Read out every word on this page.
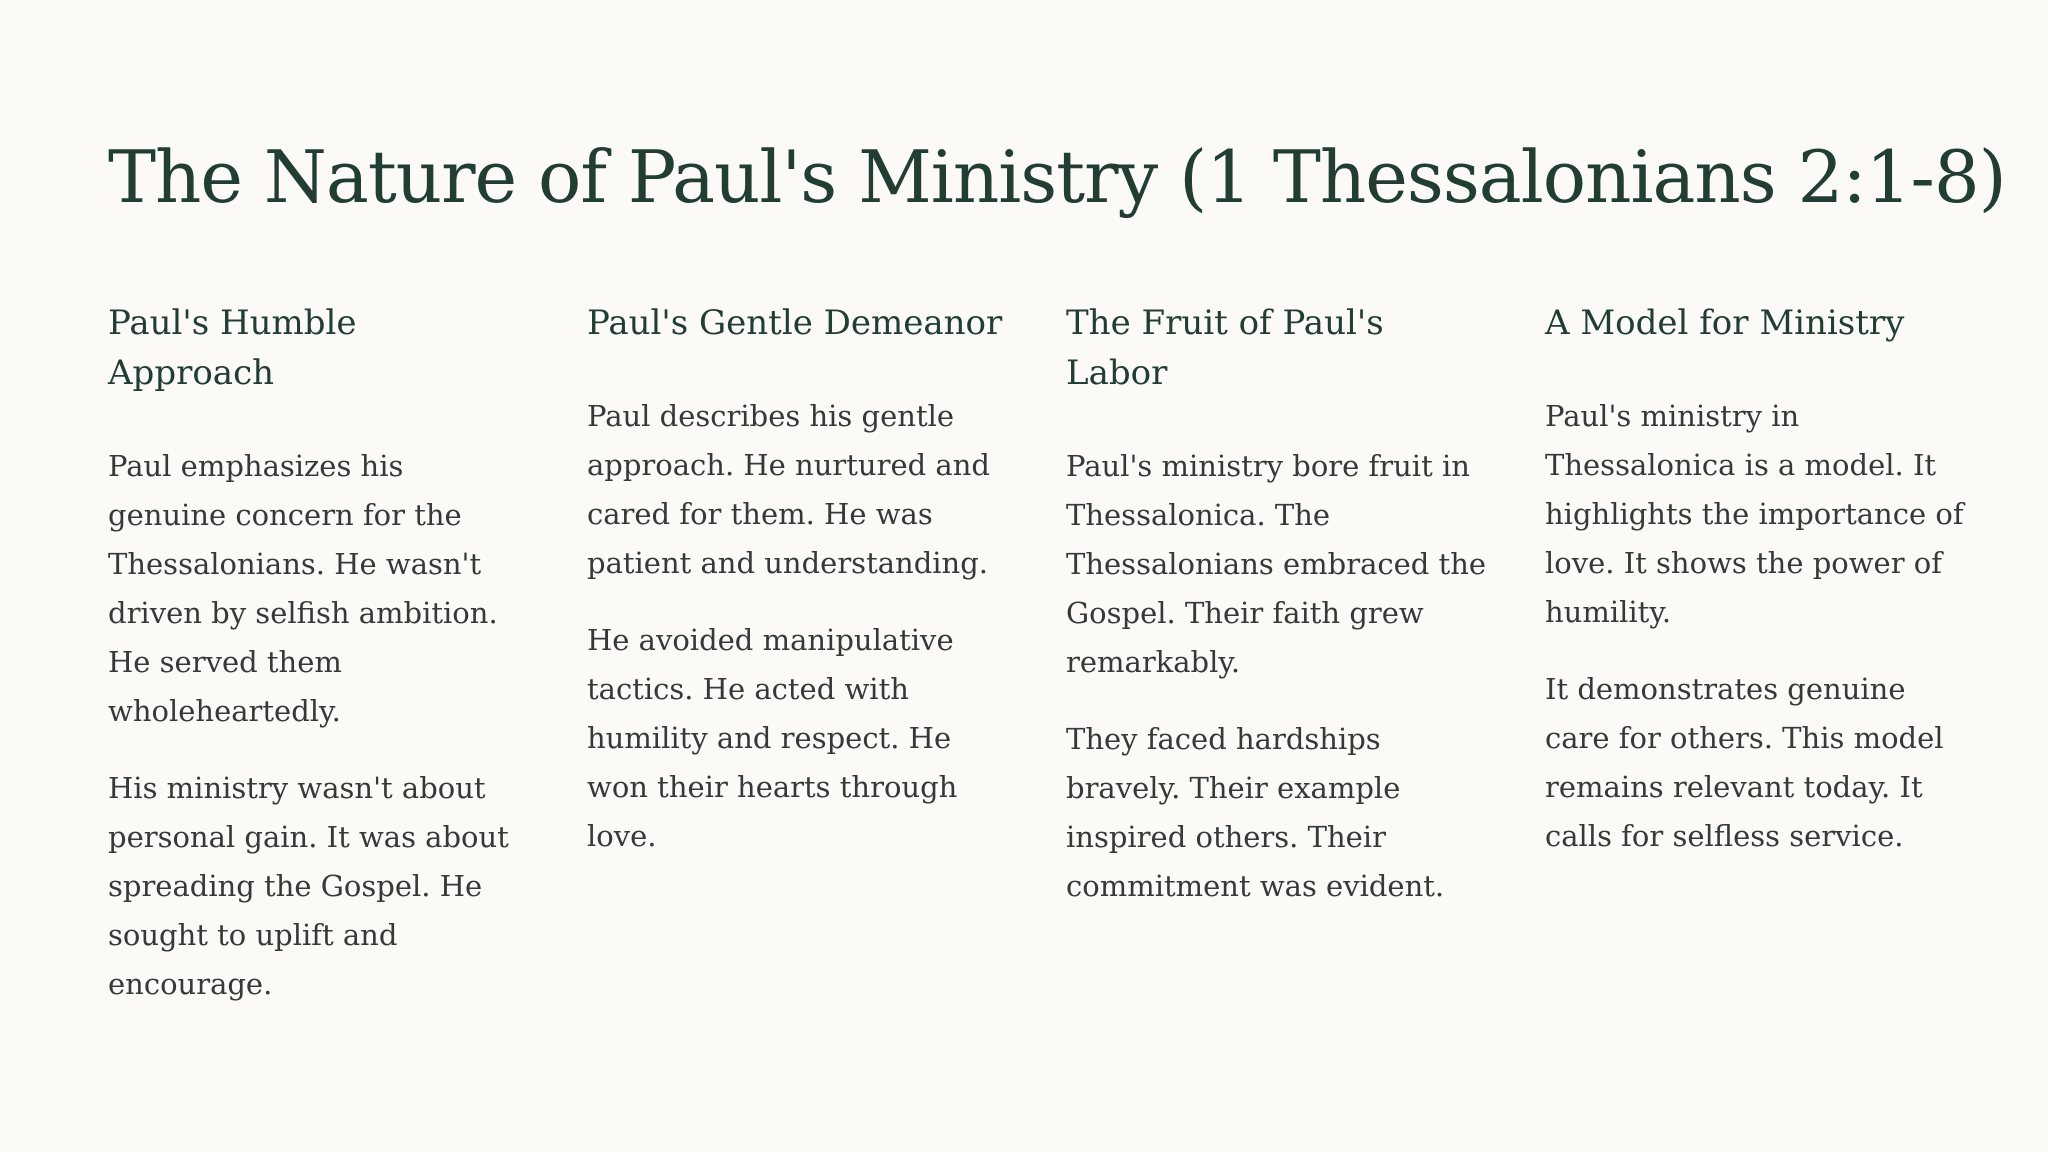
The Nature of Paul's Ministry (1 Thessalonians 2:1-8)
Paul's Humble Approach

Paul emphasizes his genuine concern for the Thessalonians. He wasn't driven by selfish ambition. He served them wholeheartedly.

His ministry wasn't about personal gain. It was about spreading the Gospel. He sought to uplift and encourage.

Paul's Gentle Demeanor

Paul describes his gentle approach. He nurtured and cared for them. He was patient and understanding.

He avoided manipulative tactics. He acted with humility and respect. He won their hearts through love.

The Fruit of Paul's Labor

Paul's ministry bore fruit in Thessalonica. The Thessalonians embraced the Gospel. Their faith grew remarkably.

They faced hardships bravely. Their example inspired others. Their commitment was evident.

A Model for Ministry

Paul's ministry in Thessalonica is a model. It highlights the importance of love. It shows the power of humility.

It demonstrates genuine care for others. This model remains relevant today. It calls for selfless service.
